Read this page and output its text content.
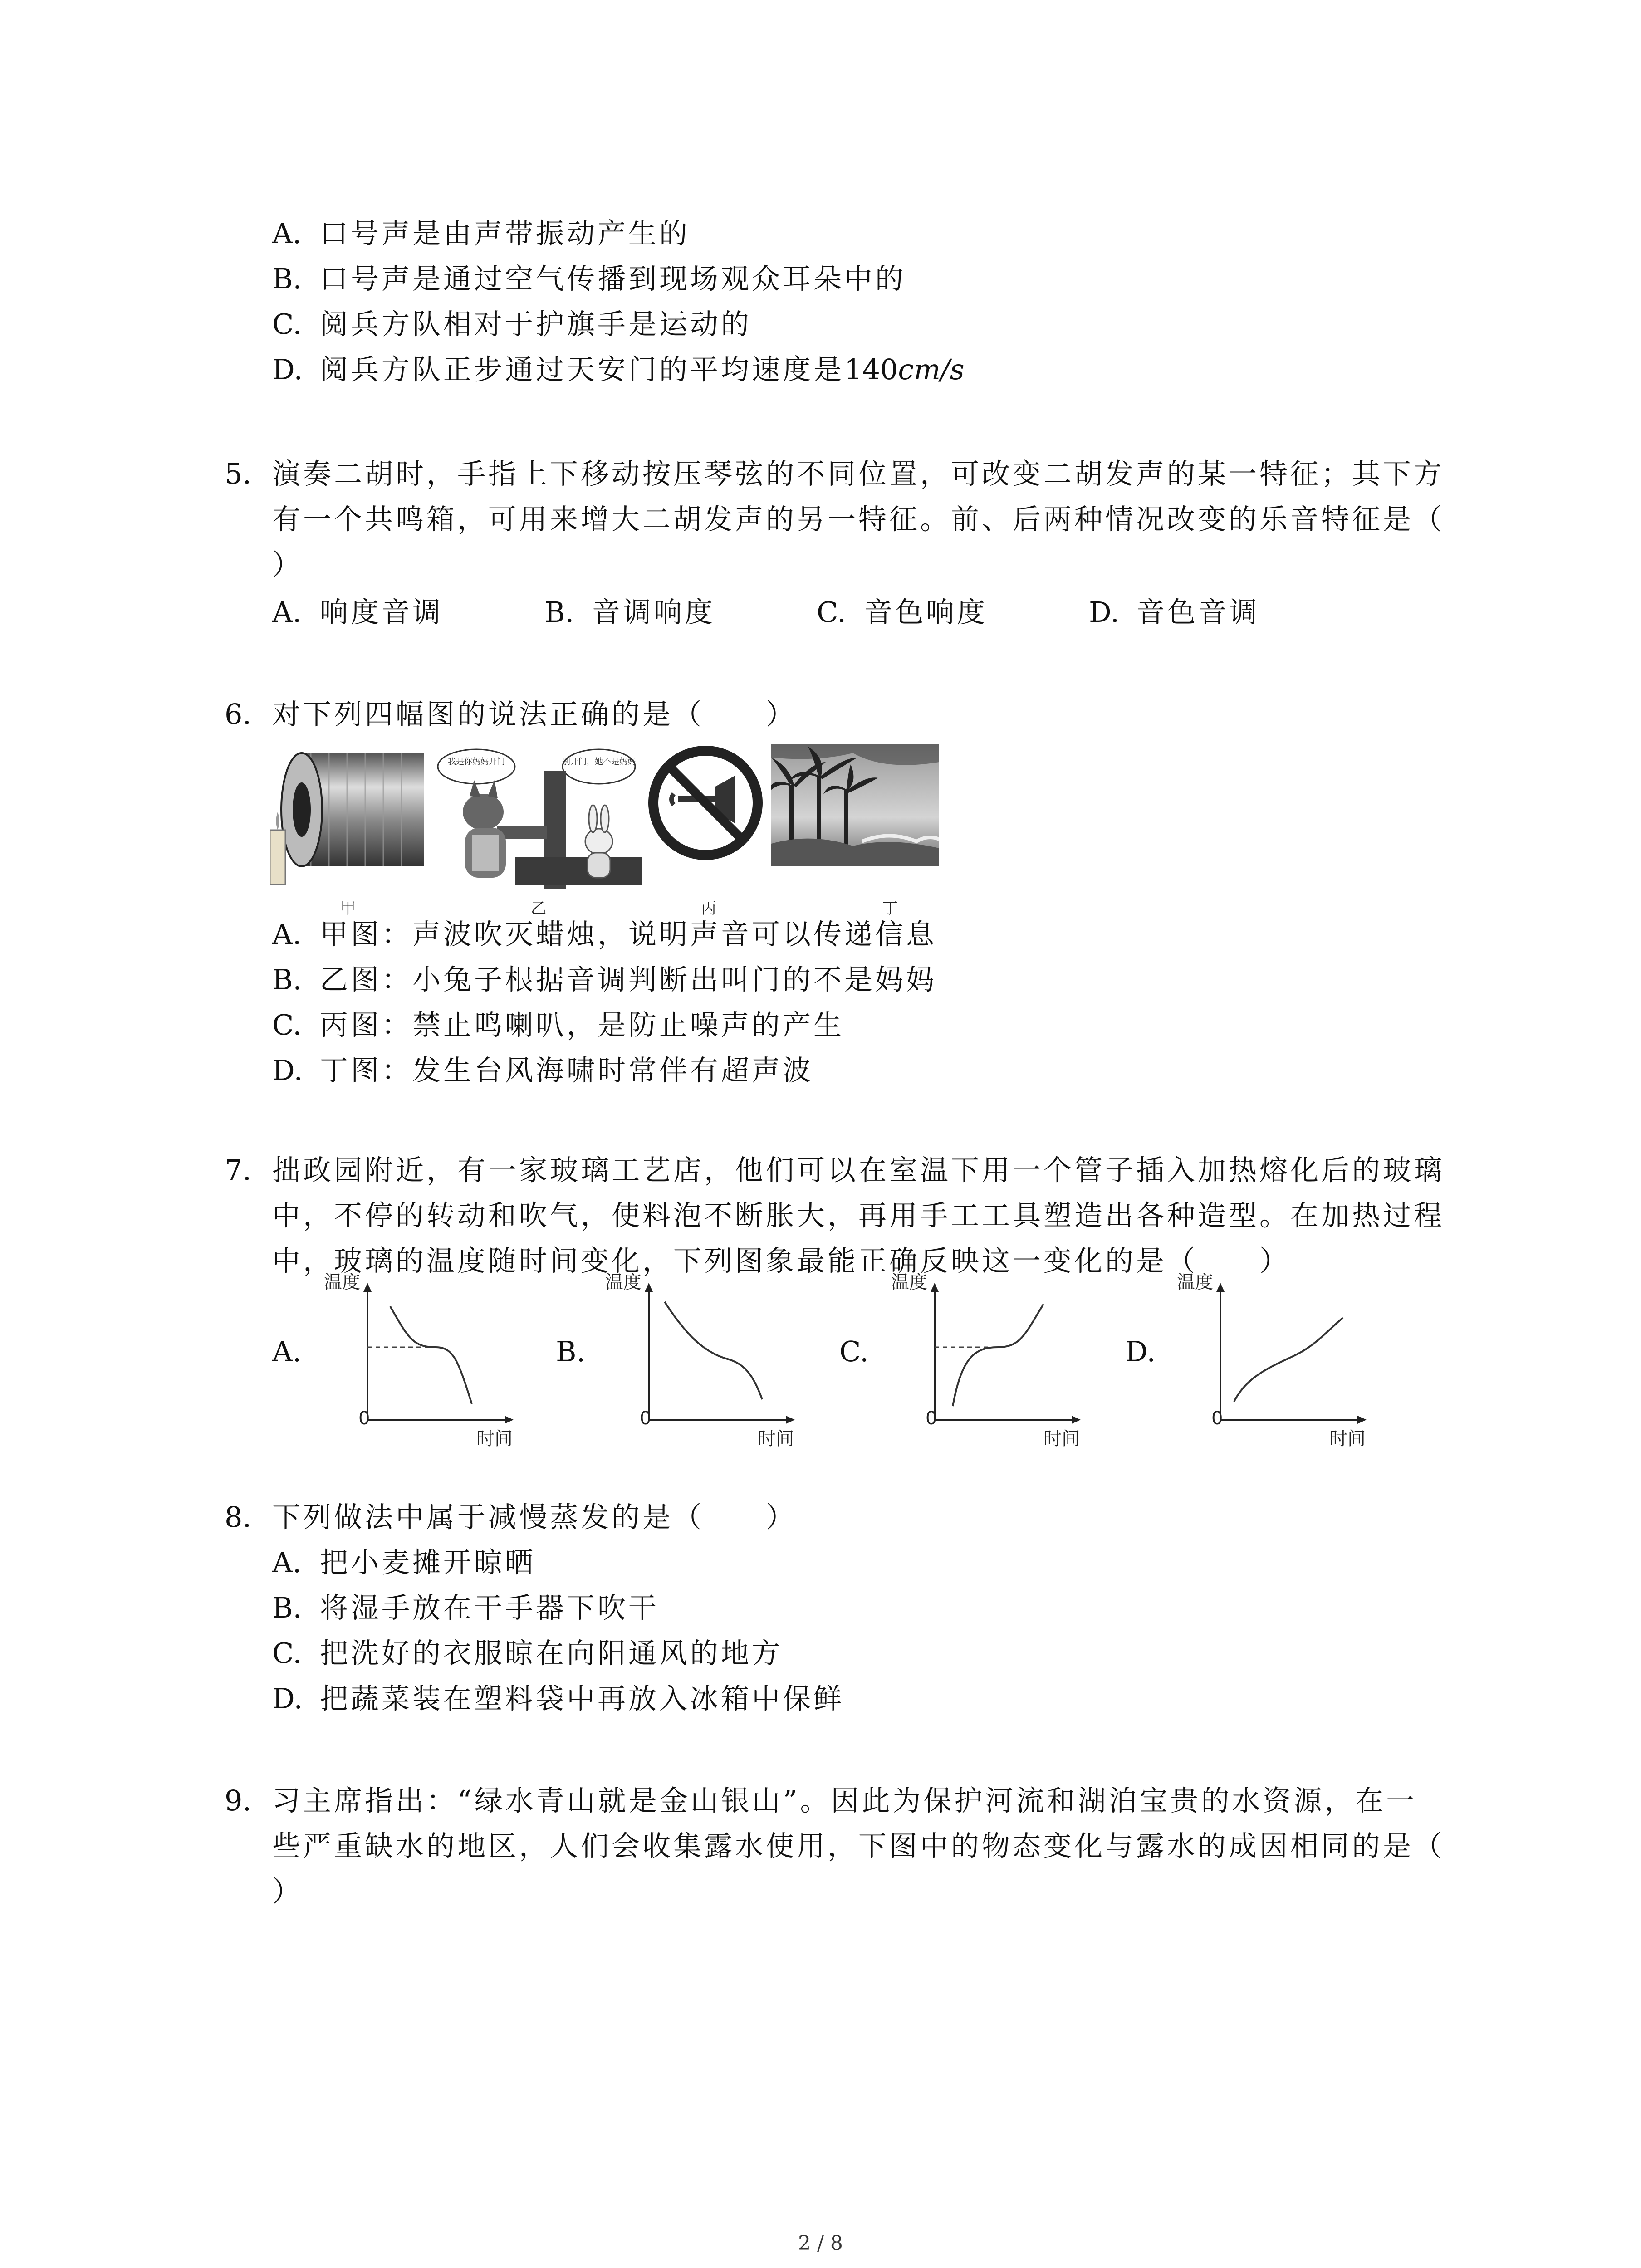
A. 口号声是由声带振动产生的
B. 口号声是通过空气传播到现场观众耳朵中的
C. 阅兵方队相对于护旗手是运动的
D. 阅兵方队正步通过天安门的平均速度是140cm/s
5. 演奏二胡时，手指上下移动按压琴弦的不同位置，可改变二胡发声的某一特征；其下方
有一个共鸣箱，可用来增大二胡发声的另一特征。前、后两种情况改变的乐音特征是（
）
A. 响度音调	B. 音调响度	C. 音色响度	D. 音色音调
6. 对下列四幅图的说法正确的是（　　）
甲
我是你妈妈开门	别开门，她不是妈妈
乙	丙	丁
A. 甲图：声波吹灭蜡烛，说明声音可以传递信息
B. 乙图：小兔子根据音调判断出叫门的不是妈妈
C. 丙图：禁止鸣喇叭，是防止噪声的产生
D. 丁图：发生台风海啸时常伴有超声波
7. 拙政园附近，有一家玻璃工艺店，他们可以在室温下用一个管子插入加热熔化后的玻璃
中，不停的转动和吹气，使料泡不断胀大，再用手工工具塑造出各种造型。在加热过程
中，玻璃的温度随时间变化，下列图象最能正确反映这一变化的是（　　）
A.
温度
时间
0
B.
温度
时间
0
C.
温度
时间
0
D.
温度
时间
0
8. 下列做法中属于减慢蒸发的是（　　）
A. 把小麦摊开晾晒
B. 将湿手放在干手器下吹干
C. 把洗好的衣服晾在向阳通风的地方
D. 把蔬菜装在塑料袋中再放入冰箱中保鲜
9. 习主席指出：“绿水青山就是金山银山”。因此为保护河流和湖泊宝贵的水资源，在一
些严重缺水的地区，人们会收集露水使用，下图中的物态变化与露水的成因相同的是（
）
2 / 8
